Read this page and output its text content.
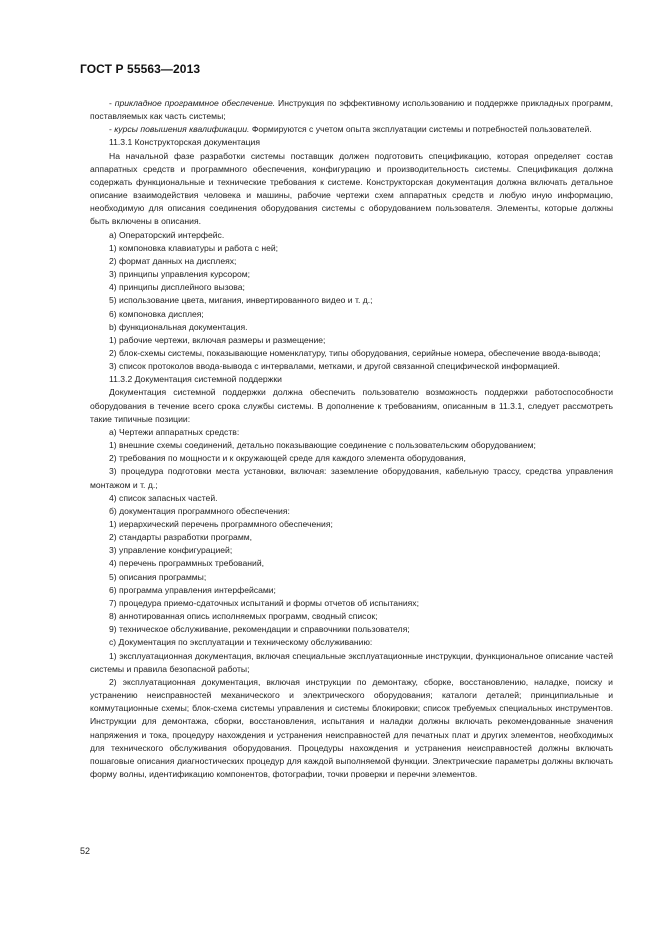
ГОСТ Р 55563—2013

- прикладное программное обеспечение. Инструкция по эффективному использованию и поддержке прикладных программ, поставляемых как часть системы;

- курсы повышения квалификации. Формируются с учетом опыта эксплуатации системы и потребностей пользователей.

11.3.1 Конструкторская документация

На начальной фазе разработки системы поставщик должен подготовить спецификацию, которая определяет состав аппаратных средств и программного обеспечения, конфигурацию и производительность системы. Спецификация должна содержать функциональные и технические требования к системе. Конструкторская документация должна включать детальное описание взаимодействия человека и машины, рабочие чертежи схем аппаратных средств и любую иную информацию, необходимую для описания соединения оборудования системы с оборудованием пользователя. Элементы, которые должны быть включены в описания.

а) Операторский интерфейс.

1) компоновка клавиатуры и работа с ней;

2) формат данных на дисплеях;

3) принципы управления курсором;

4) принципы дисплейного вызова;

5) использование цвета, мигания, инвертированного видео и т. д.;

6) компоновка дисплея;

b) функциональная документация.

1) рабочие чертежи, включая размеры и размещение;

2) блок-схемы системы, показывающие номенклатуру, типы оборудования, серийные номера, обеспечение ввода-вывода;

3) список протоколов ввода-вывода с интервалами, метками, и другой связанной специфической информацией.

11.3.2 Документация системной поддержки

Документация системной поддержки должна обеспечить пользователю возможность поддержки работоспособности оборудования в течение всего срока службы системы. В дополнение к требованиям, описанным в 11.3.1, следует рассмотреть такие типичные позиции:

а) Чертежи аппаратных средств:

1) внешние схемы соединений, детально показывающие соединение с пользовательским оборудованием;

2) требования по мощности и к окружающей среде для каждого элемента оборудования,

3) процедура подготовки места установки, включая: заземление оборудования, кабельную трассу, средства управления монтажом и т. д.;

4) список запасных частей.

б) документация программного обеспечения:

1) иерархический перечень программного обеспечения;

2) стандарты разработки программ,

3) управление конфигурацией;

4) перечень программных требований,

5) описания программы;

6) программа управления интерфейсами;

7) процедура приемо-сдаточных испытаний и формы отчетов об испытаниях;

8) аннотированная опись исполняемых программ, сводный список;

9) техническое обслуживание, рекомендации и справочники пользователя;

с) Документация по эксплуатации и техническому обслуживанию:

1) эксплуатационная документация, включая специальные эксплуатационные инструкции, функциональное описание частей системы и правила безопасной работы;

2) эксплуатационная документация, включая инструкции по демонтажу, сборке, восстановлению, наладке, поиску и устранению неисправностей механического и электрического оборудования; каталоги деталей; принципиальные и коммутационные схемы; блок-схема системы управления и системы блокировки; список требуемых специальных инструментов. Инструкции для демонтажа, сборки, восстановления, испытания и наладки должны включать рекомендованные значения напряжения и тока, процедуру нахождения и устранения неисправностей для печатных плат и других элементов, необходимых для технического обслуживания оборудования. Процедуры нахождения и устранения неисправностей должны включать пошаговые описания диагностических процедур для каждой выполняемой функции. Электрические параметры должны включать форму волны, идентификацию компонентов, фотографии, точки проверки и перечни элементов.

52
